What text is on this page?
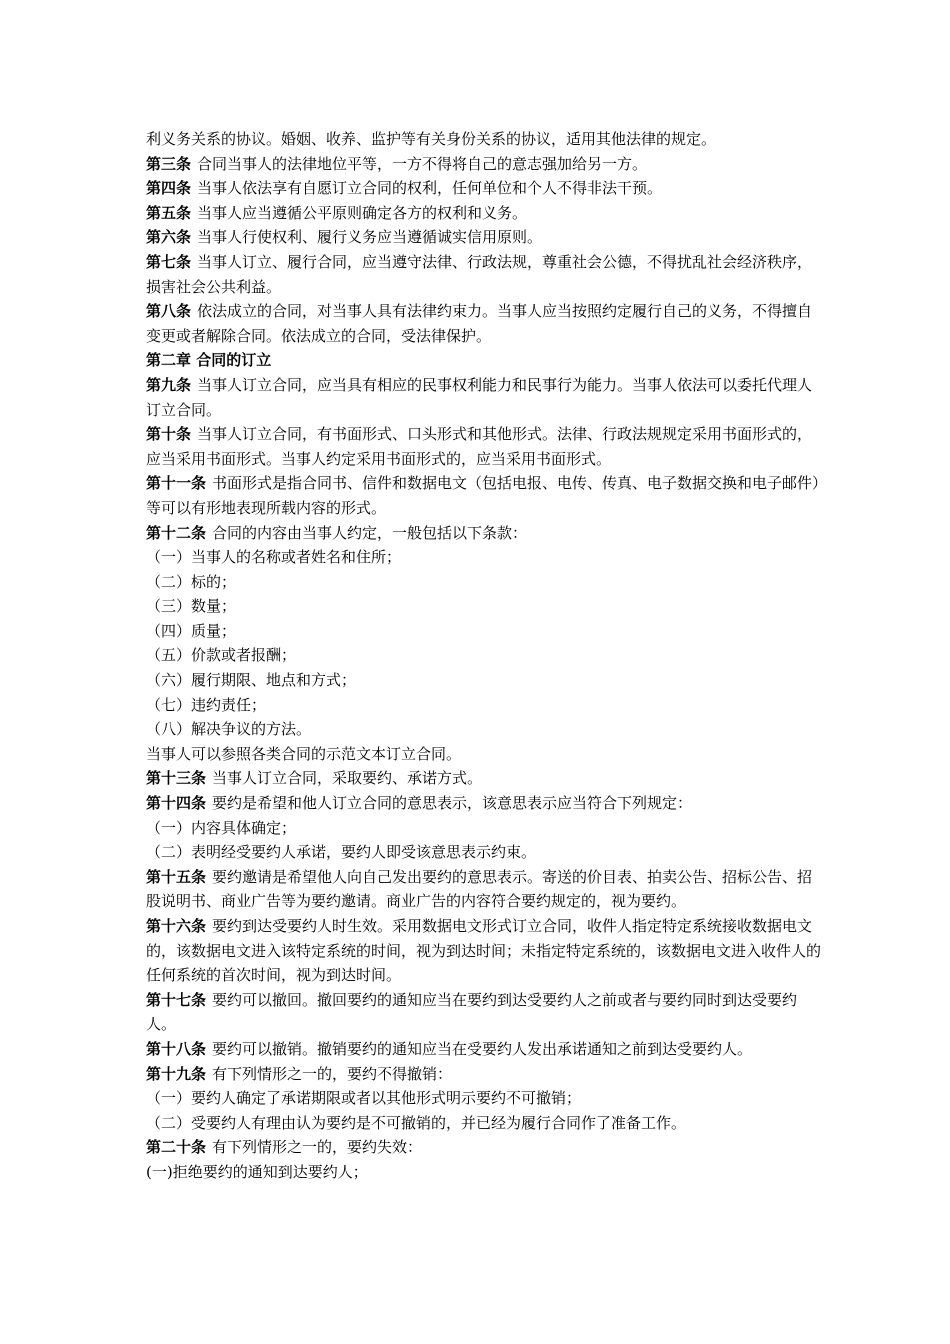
利义务关系的协议。婚姻、收养、监护等有关身份关系的协议，适用其他法律的规定。
第三条 合同当事人的法律地位平等，一方不得将自己的意志强加给另一方。
第四条 当事人依法享有自愿订立合同的权利，任何单位和个人不得非法干预。
第五条 当事人应当遵循公平原则确定各方的权利和义务。
第六条 当事人行使权利、履行义务应当遵循诚实信用原则。
第七条 当事人订立、履行合同，应当遵守法律、行政法规，尊重社会公德，不得扰乱社会经济秩序，损害社会公共利益。
第八条 依法成立的合同，对当事人具有法律约束力。当事人应当按照约定履行自己的义务，不得擅自变更或者解除合同。依法成立的合同，受法律保护。
第二章 合同的订立
第九条 当事人订立合同，应当具有相应的民事权利能力和民事行为能力。当事人依法可以委托代理人订立合同。
第十条 当事人订立合同，有书面形式、口头形式和其他形式。法律、行政法规规定采用书面形式的，应当采用书面形式。当事人约定采用书面形式的，应当采用书面形式。
第十一条 书面形式是指合同书、信件和数据电文（包括电报、电传、传真、电子数据交换和电子邮件）等可以有形地表现所载内容的形式。
第十二条 合同的内容由当事人约定，一般包括以下条款：
（一）当事人的名称或者姓名和住所；
（二）标的；
（三）数量；
（四）质量；
（五）价款或者报酬；
（六）履行期限、地点和方式；
（七）违约责任；
（八）解决争议的方法。
当事人可以参照各类合同的示范文本订立合同。
第十三条 当事人订立合同，采取要约、承诺方式。
第十四条 要约是希望和他人订立合同的意思表示，该意思表示应当符合下列规定：
（一）内容具体确定；
（二）表明经受要约人承诺，要约人即受该意思表示约束。
第十五条 要约邀请是希望他人向自己发出要约的意思表示。寄送的价目表、拍卖公告、招标公告、招股说明书、商业广告等为要约邀请。商业广告的内容符合要约规定的，视为要约。
第十六条 要约到达受要约人时生效。采用数据电文形式订立合同，收件人指定特定系统接收数据电文的，该数据电文进入该特定系统的时间，视为到达时间；未指定特定系统的，该数据电文进入收件人的任何系统的首次时间，视为到达时间。
第十七条 要约可以撤回。撤回要约的通知应当在要约到达受要约人之前或者与要约同时到达受要约人。
第十八条 要约可以撤销。撤销要约的通知应当在受要约人发出承诺通知之前到达受要约人。
第十九条 有下列情形之一的，要约不得撤销：
（一）要约人确定了承诺期限或者以其他形式明示要约不可撤销；
（二）受要约人有理由认为要约是不可撤销的，并已经为履行合同作了准备工作。
第二十条 有下列情形之一的，要约失效：
(一)拒绝要约的通知到达要约人；
